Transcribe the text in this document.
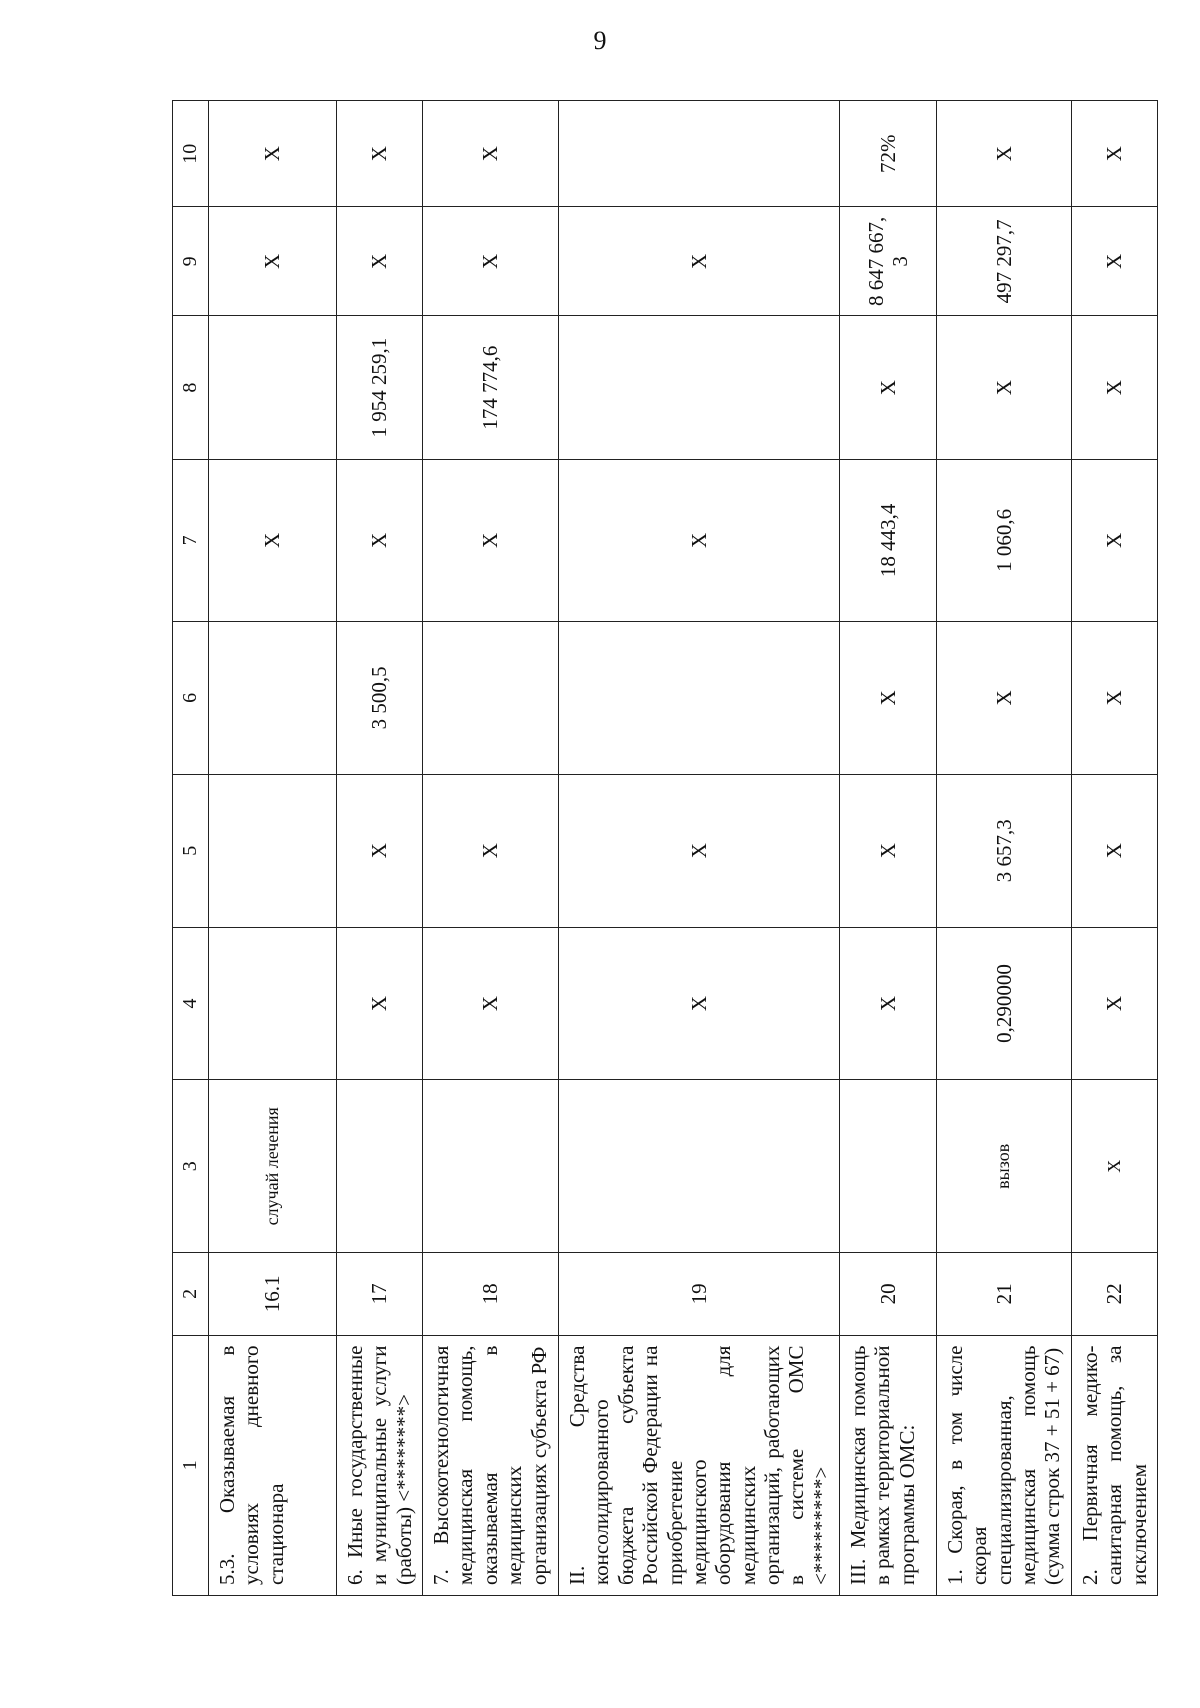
9
1	2	3	4	5	6	7	8	9	10
5.3. Оказываемая в условиях дневного стационара	16.1	случай лечения				Х		Х	Х
6. Иные государственные и муниципальные услуги (работы) <********>	17		Х	Х	3 500,5	Х	1 954 259,1	Х	Х
7. Высокотехнологичная медицинская помощь, оказываемая в медицинских организациях субъекта РФ	18		Х	Х		Х	174 774,6	Х	Х
II. Средства консолидированного бюджета субъекта Российской Федерации на приобретение медицинского оборудования для медицинских организаций, работающих в системе ОМС <*********>	19		Х	Х		Х		Х	
III. Медицинская помощь в рамках территориальной программы ОМС:	20		Х	Х	Х	18 443,4	Х	8 647 667, 3	72%
1. Скорая, в том числе скорая специализированная, медицинская помощь (сумма строк 37 + 51 + 67)	21	вызов	0,290000	3 657,3	Х	1 060,6	Х	497 297,7	Х
2. Первичная медико-санитарная помощь, за исключением	22	Х	Х	Х	Х	Х	Х	Х	Х
